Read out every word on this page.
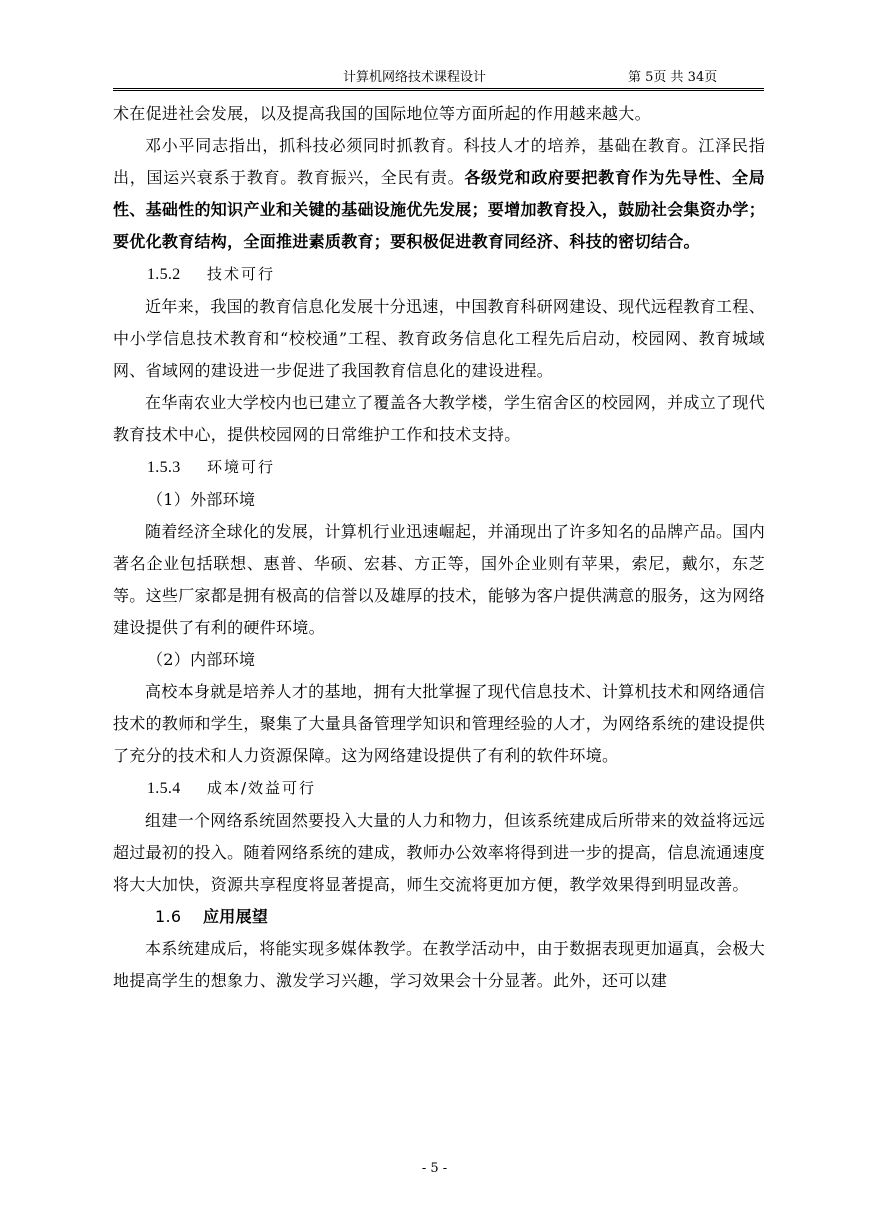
计算机网络技术课程设计	第 5页 共 34页

术在促进社会发展，以及提高我国的国际地位等方面所起的作用越来越大。

邓小平同志指出，抓科技必须同时抓教育。科技人才的培养，基础在教育。江泽民指出，国运兴衰系于教育。教育振兴，全民有责。各级党和政府要把教育作为先导性、全局性、基础性的知识产业和关键的基础设施优先发展；要增加教育投入，鼓励社会集资办学；要优化教育结构，全面推进素质教育；要积极促进教育同经济、科技的密切结合。

1.5.2 技术可行

近年来，我国的教育信息化发展十分迅速，中国教育科研网建设、现代远程教育工程、中小学信息技术教育和“校校通”工程、教育政务信息化工程先后启动，校园网、教育城域网、省域网的建设进一步促进了我国教育信息化的建设进程。

在华南农业大学校内也已建立了覆盖各大教学楼，学生宿舍区的校园网，并成立了现代教育技术中心，提供校园网的日常维护工作和技术支持。

1.5.3 环境可行

（1）外部环境

随着经济全球化的发展，计算机行业迅速崛起，并涌现出了许多知名的品牌产品。国内著名企业包括联想、惠普、华硕、宏碁、方正等，国外企业则有苹果，索尼，戴尔，东芝等。这些厂家都是拥有极高的信誉以及雄厚的技术，能够为客户提供满意的服务，这为网络建设提供了有利的硬件环境。

（2）内部环境

高校本身就是培养人才的基地，拥有大批掌握了现代信息技术、计算机技术和网络通信技术的教师和学生，聚集了大量具备管理学知识和管理经验的人才，为网络系统的建设提供了充分的技术和人力资源保障。这为网络建设提供了有利的软件环境。

1.5.4 成本/效益可行

组建一个网络系统固然要投入大量的人力和物力，但该系统建成后所带来的效益将远远超过最初的投入。随着网络系统的建成，教师办公效率将得到进一步的提高，信息流通速度将大大加快，资源共享程度将显著提高，师生交流将更加方便，教学效果得到明显改善。

1.6 应用展望

本系统建成后，将能实现多媒体教学。在教学活动中，由于数据表现更加逼真，会极大地提高学生的想象力、激发学习兴趣，学习效果会十分显著。此外，还可以建

- 5 -
